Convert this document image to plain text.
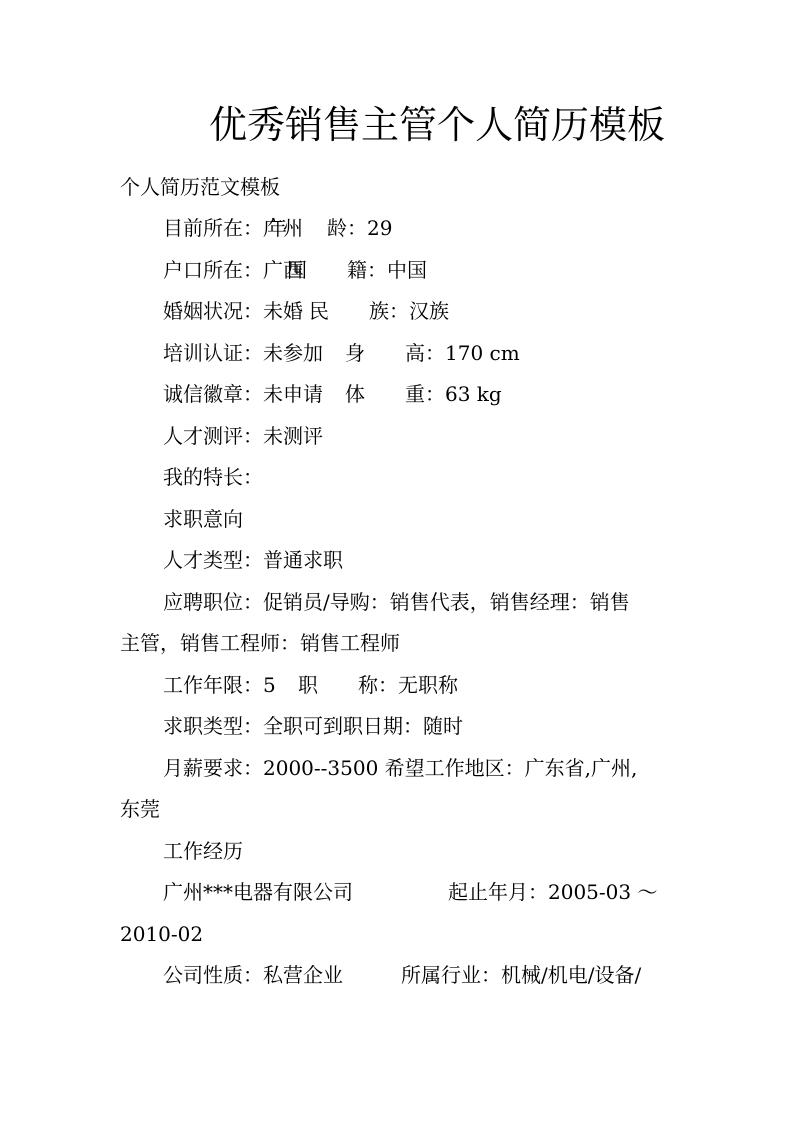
优秀销售主管个人简历模板
个人简历范文模板
目前所在：广州
年　　龄：29
户口所在：广西
国　　籍：中国
婚姻状况：未婚 民　　族：汉族
培训认证：未参加 身　　高：170 cm
诚信徽章：未申请 体　　重：63 kg
人才测评：未测评
我的特长：
求职意向
人才类型：普通求职
应聘职位：促销员/导购：销售代表，销售经理：销售
主管，销售工程师：销售工程师
工作年限：5 职　　称：无职称
求职类型：全职可到职日期：随时
月薪要求：2000--3500 希望工作地区：广东省,广州,
东莞
工作经历
广州***电器有限公司	起止年月：2005-03 ～
2010-02
公司性质：私营企业	所属行业：机械/机电/设备/
